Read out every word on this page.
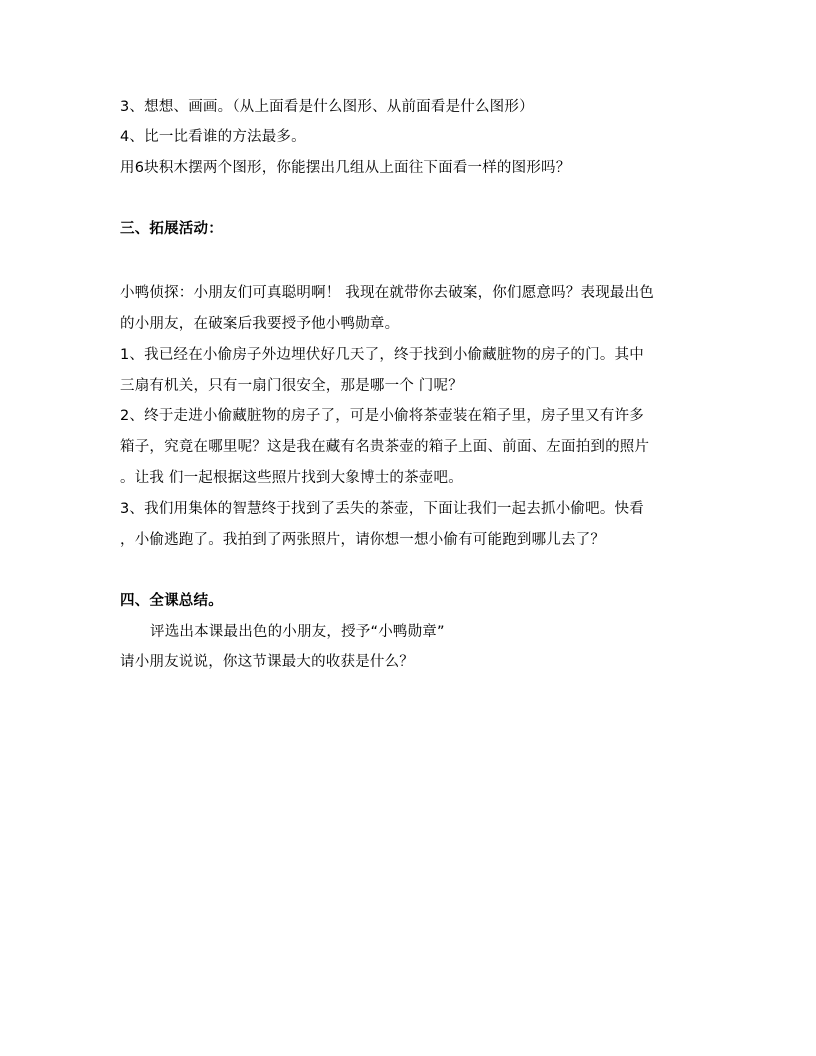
3、想想、画画。（从上面看是什么图形、从前面看是什么图形）
4、比一比看谁的方法最多。
用6块积木摆两个图形，你能摆出几组从上面往下面看一样的图形吗？
三、拓展活动：
小鸭侦探：小朋友们可真聪明啊！ 我现在就带你去破案，你们愿意吗？表现最出色
的小朋友，在破案后我要授予他小鸭勋章。
1、我已经在小偷房子外边埋伏好几天了，终于找到小偷藏脏物的房子的门。其中
三扇有机关，只有一扇门很安全，那是哪一个 门呢？
2、终于走进小偷藏脏物的房子了，可是小偷将茶壶装在箱子里，房子里又有许多
箱子，究竟在哪里呢？这是我在藏有名贵茶壶的箱子上面、前面、左面拍到的照片
。让我 们一起根据这些照片找到大象博士的茶壶吧。
3、我们用集体的智慧终于找到了丢失的茶壶，下面让我们一起去抓小偷吧。快看
，小偷逃跑了。我拍到了两张照片，请你想一想小偷有可能跑到哪儿去了？
四、全课总结。
评选出本课最出色的小朋友，授予“小鸭勋章”
请小朋友说说，你这节课最大的收获是什么？
